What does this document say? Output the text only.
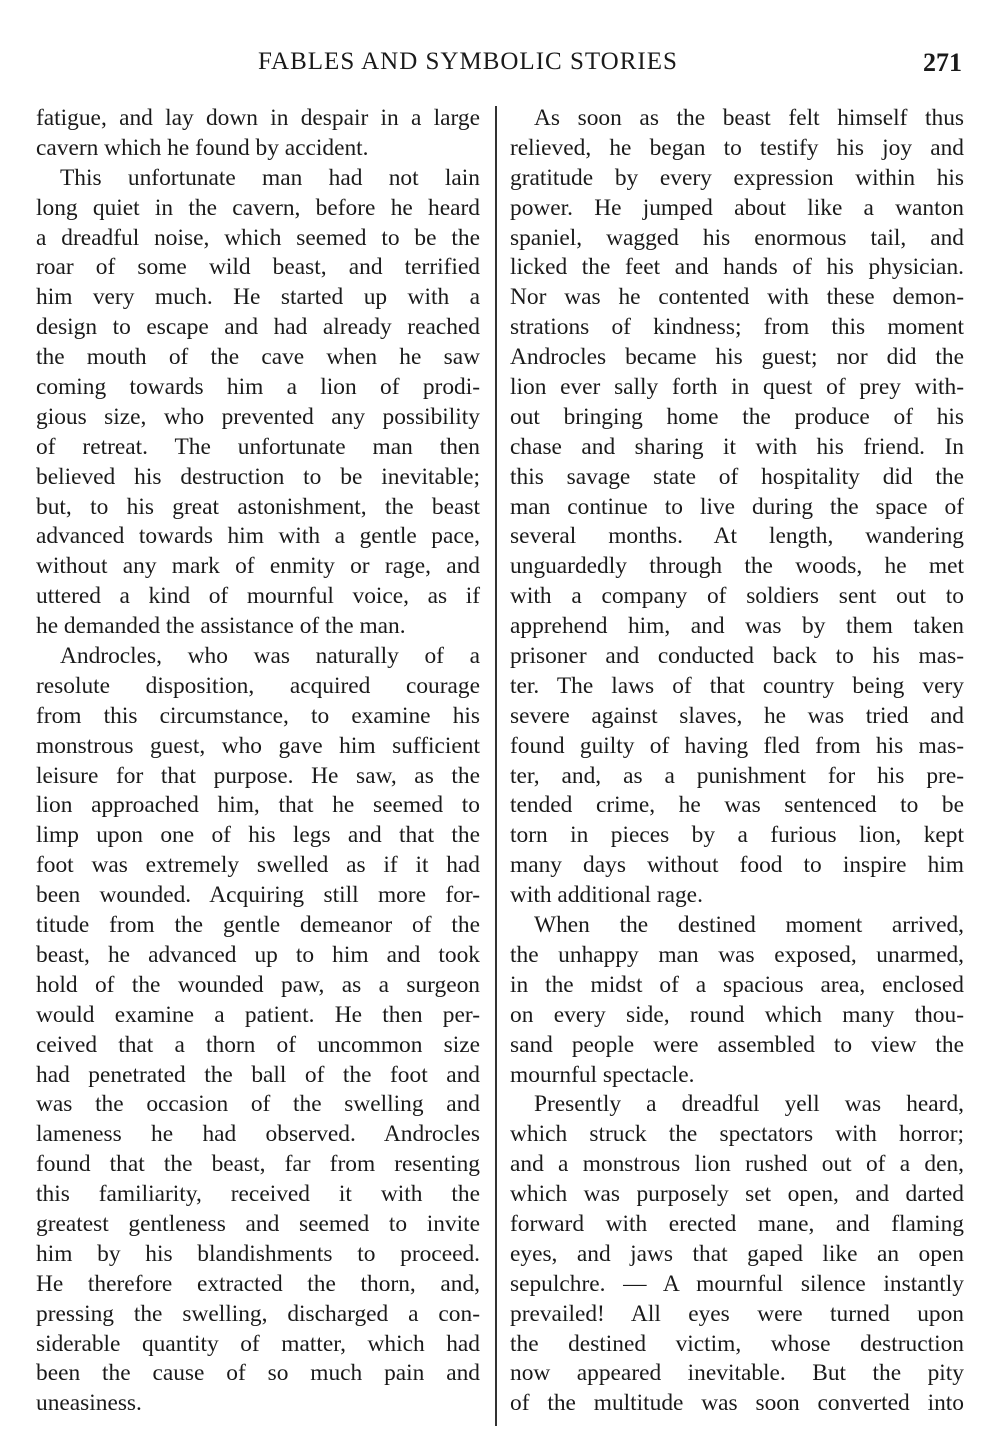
FABLES AND SYMBOLIC STORIES	271
fatigue, and lay down in despair in a large
cavern which he found by accident.
This unfortunate man had not lain
long quiet in the cavern, before he heard
a dreadful noise, which seemed to be the
roar of some wild beast, and terrified
him very much. He started up with a
design to escape and had already reached
the mouth of the cave when he saw
coming towards him a lion of prodi-
gious size, who prevented any possibility
of retreat. The unfortunate man then
believed his destruction to be inevitable;
but, to his great astonishment, the beast
advanced towards him with a gentle pace,
without any mark of enmity or rage, and
uttered a kind of mournful voice, as if
he demanded the assistance of the man.
Androcles, who was naturally of a
resolute disposition, acquired courage
from this circumstance, to examine his
monstrous guest, who gave him sufficient
leisure for that purpose. He saw, as the
lion approached him, that he seemed to
limp upon one of his legs and that the
foot was extremely swelled as if it had
been wounded. Acquiring still more for-
titude from the gentle demeanor of the
beast, he advanced up to him and took
hold of the wounded paw, as a surgeon
would examine a patient. He then per-
ceived that a thorn of uncommon size
had penetrated the ball of the foot and
was the occasion of the swelling and
lameness he had observed. Androcles
found that the beast, far from resenting
this familiarity, received it with the
greatest gentleness and seemed to invite
him by his blandishments to proceed.
He therefore extracted the thorn, and,
pressing the swelling, discharged a con-
siderable quantity of matter, which had
been the cause of so much pain and
uneasiness.
As soon as the beast felt himself thus
relieved, he began to testify his joy and
gratitude by every expression within his
power. He jumped about like a wanton
spaniel, wagged his enormous tail, and
licked the feet and hands of his physician.
Nor was he contented with these demon-
strations of kindness; from this moment
Androcles became his guest; nor did the
lion ever sally forth in quest of prey with-
out bringing home the produce of his
chase and sharing it with his friend. In
this savage state of hospitality did the
man continue to live during the space of
several months. At length, wandering
unguardedly through the woods, he met
with a company of soldiers sent out to
apprehend him, and was by them taken
prisoner and conducted back to his mas-
ter. The laws of that country being very
severe against slaves, he was tried and
found guilty of having fled from his mas-
ter, and, as a punishment for his pre-
tended crime, he was sentenced to be
torn in pieces by a furious lion, kept
many days without food to inspire him
with additional rage.
When the destined moment arrived,
the unhappy man was exposed, unarmed,
in the midst of a spacious area, enclosed
on every side, round which many thou-
sand people were assembled to view the
mournful spectacle.
Presently a dreadful yell was heard,
which struck the spectators with horror;
and a monstrous lion rushed out of a den,
which was purposely set open, and darted
forward with erected mane, and flaming
eyes, and jaws that gaped like an open
sepulchre. — A mournful silence instantly
prevailed! All eyes were turned upon
the destined victim, whose destruction
now appeared inevitable. But the pity
of the multitude was soon converted into
